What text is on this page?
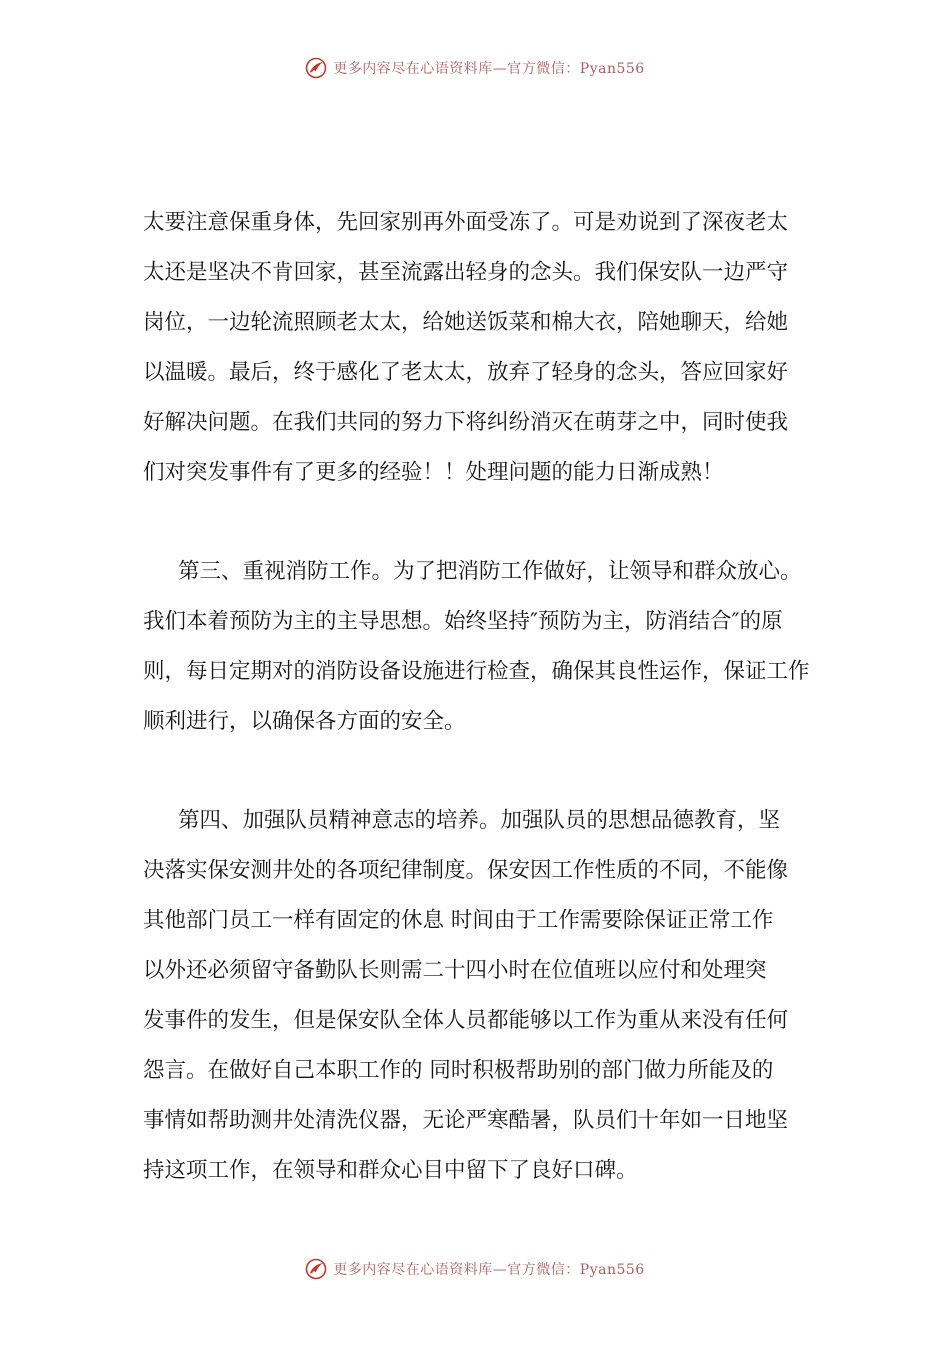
更多内容尽在心语资料库—官方微信：Pyan556
太要注意保重身体，先回家别再外面受冻了。可是劝说到了深夜老太
太还是坚决不肯回家，甚至流露出轻身的念头。我们保安队一边严守
岗位，一边轮流照顾老太太，给她送饭菜和棉大衣，陪她聊天，给她
以温暖。最后，终于感化了老太太，放弃了轻身的念头，答应回家好
好解决问题。在我们共同的努力下将纠纷消灭在萌芽之中，同时使我
们对突发事件有了更多的经验！！处理问题的能力日渐成熟！
第三、重视消防工作。为了把消防工作做好，让领导和群众放心。
我们本着预防为主的主导思想。始终坚持″预防为主，防消结合″的原
则，每日定期对的消防设备设施进行检查，确保其良性运作，保证工作
顺利进行，以确保各方面的安全。
第四、加强队员精神意志的培养。加强队员的思想品德教育，坚
决落实保安测井处的各项纪律制度。保安因工作性质的不同，不能像
其他部门员工一样有固定的休息 时间由于工作需要除保证正常工作
以外还必须留守备勤队长则需二十四小时在位值班以应付和处理突
发事件的发生，但是保安队全体人员都能够以工作为重从来没有任何
怨言。在做好自己本职工作的 同时积极帮助别的部门做力所能及的
事情如帮助测井处清洗仪器，无论严寒酷暑，队员们十年如一日地坚
持这项工作，在领导和群众心目中留下了良好口碑。
更多内容尽在心语资料库—官方微信：Pyan556
